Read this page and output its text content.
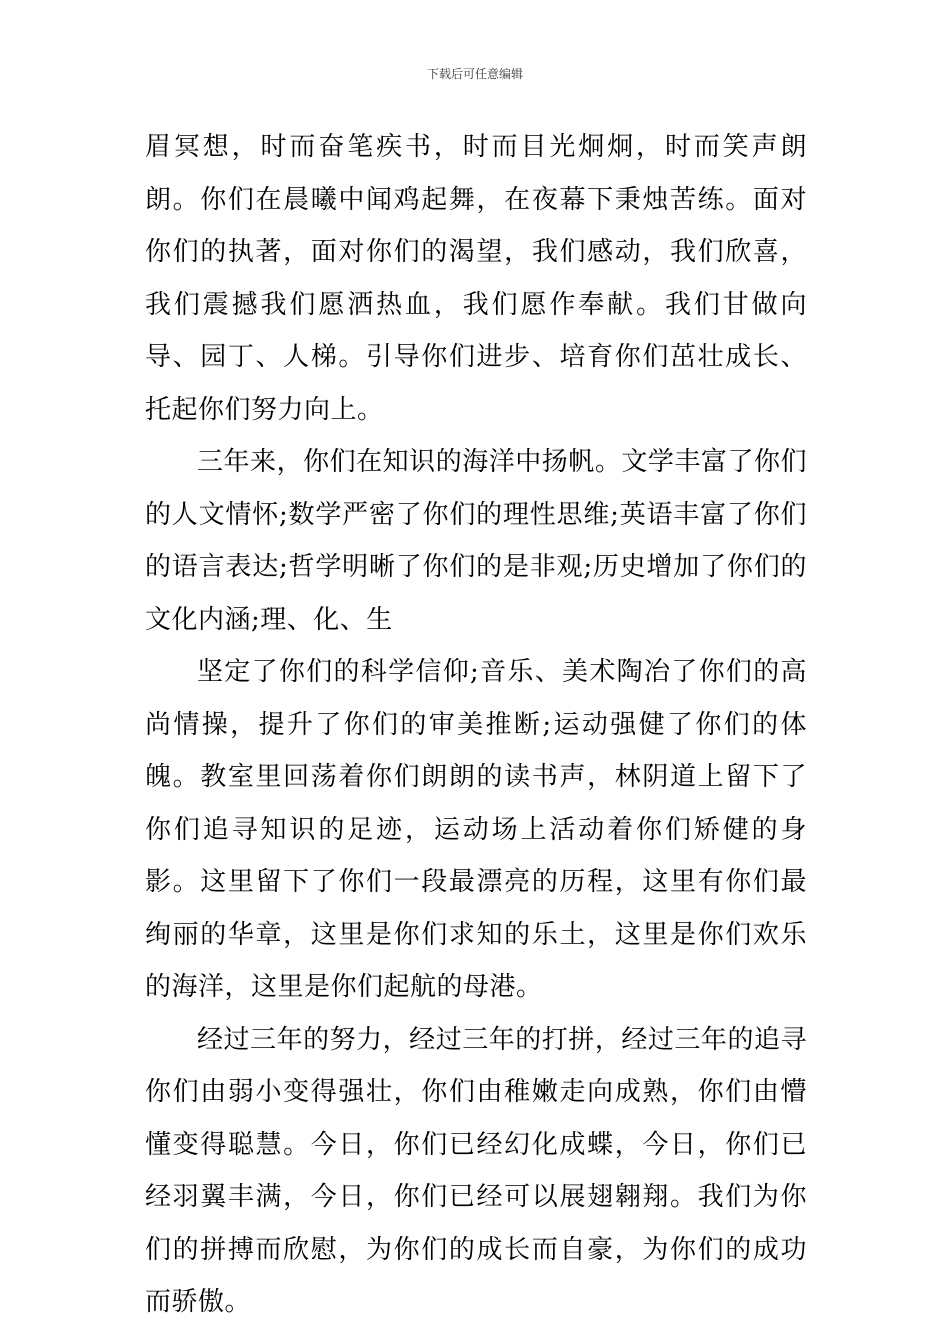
下载后可任意编辑

眉冥想，时而奋笔疾书，时而目光炯炯，时而笑声朗朗。你们在晨曦中闻鸡起舞，在夜幕下秉烛苦练。面对你们的执著，面对你们的渴望，我们感动，我们欣喜，我们震撼我们愿洒热血，我们愿作奉献。我们甘做向导、园丁、人梯。引导你们进步、培育你们茁壮成长、托起你们努力向上。

三年来，你们在知识的海洋中扬帆。文学丰富了你们的人文情怀;数学严密了你们的理性思维;英语丰富了你们的语言表达;哲学明晰了你们的是非观;历史增加了你们的文化内涵;理、化、生

坚定了你们的科学信仰;音乐、美术陶冶了你们的高尚情操，提升了你们的审美推断;运动强健了你们的体魄。教室里回荡着你们朗朗的读书声，林阴道上留下了你们追寻知识的足迹，运动场上活动着你们矫健的身影。这里留下了你们一段最漂亮的历程，这里有你们最绚丽的华章，这里是你们求知的乐土，这里是你们欢乐的海洋，这里是你们起航的母港。

经过三年的努力，经过三年的打拼，经过三年的追寻你们由弱小变得强壮，你们由稚嫩走向成熟，你们由懵懂变得聪慧。今日，你们已经幻化成蝶，今日，你们已经羽翼丰满，今日，你们已经可以展翅翱翔。我们为你们的拼搏而欣慰，为你们的成长而自豪，为你们的成功而骄傲。
